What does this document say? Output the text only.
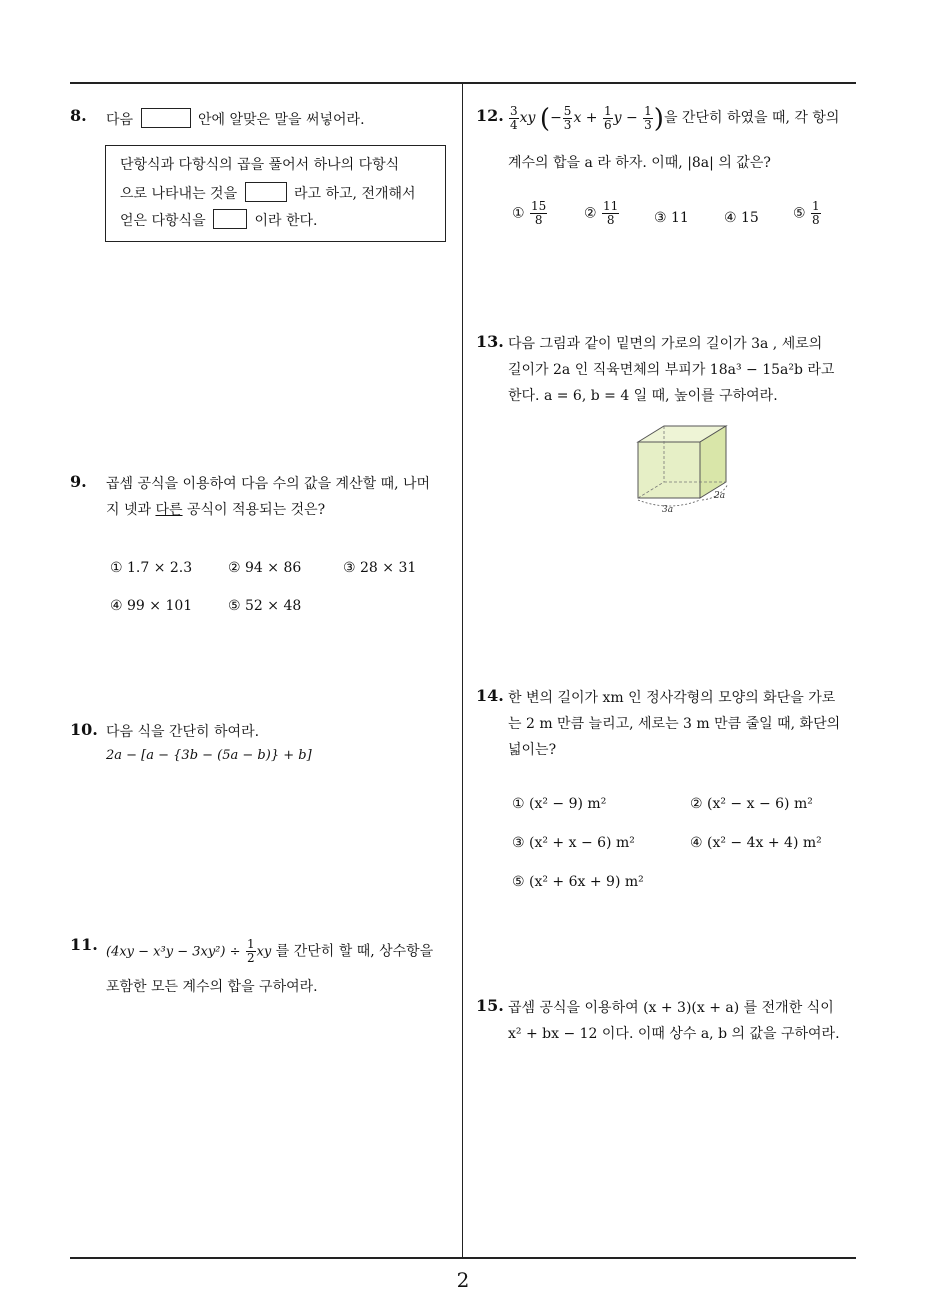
8. 다음	안에 알맞은 말을 써넣어라.
단항식과 다항식의 곱을 풀어서 하나의 다항식
으로 나타내는 것을	라고 하고, 전개해서
얻은 다항식을	이라 한다.
9. 곱셈 공식을 이용하여 다음 수의 값을 계산할 때, 나머
지 넷과 다른 공식이 적용되는 것은?
① 1.7 × 2.3	② 94 × 86	③ 28 × 31
④ 99 × 101	⑤ 52 × 48
10. 다음 식을 간단히 하여라.
2a − [a − {3b − (5a − b)} + b]
11. $(4xy - x^3y - 3xy^2) \div \frac{1}{2}$ xy 를 간단히 할 때, 상수항을
포함한 모든 계수의 합을 구하여라.
12. $\frac{3}{4}$ xy (− $\frac{5}{3}$ $x + \frac{1}{6}$ $y - \frac{1}{3}$ )을 간단히 하였을 때, 각 항의
계수의 합을 a 라 하자. 이때, |8a| 의 값은?
① $\frac{15}{8}$	② $\frac{11}{8}$ ③ 11	④ 15 ⑤ $\frac{1}{8}$
13. 다음 그림과 같이 밑면의 가로의 길이가 3a , 세로의
길이가 2a 인 직육면체의 부피가 18a³ − 15a²b 라고
한다. a = 6, b = 4 일 때, 높이를 구하여라.
3a
2a
14. 한 변의 길이가 xm 인 정사각형의 모양의 화단을 가로
는 2 m 만큼 늘리고, 세로는 3 m 만큼 줄일 때, 화단의
넓이는?
① (x² − 9) m²	② (x² − x − 6) m²
③ (x² + x − 6) m²	④ (x² − 4x + 4) m²
⑤ (x² + 6x + 9) m²
15. 곱셈 공식을 이용하여 (x + 3)(x + a) 를 전개한 식이
x² + bx − 12 이다. 이때 상수 a, b 의 값을 구하여라.
2
